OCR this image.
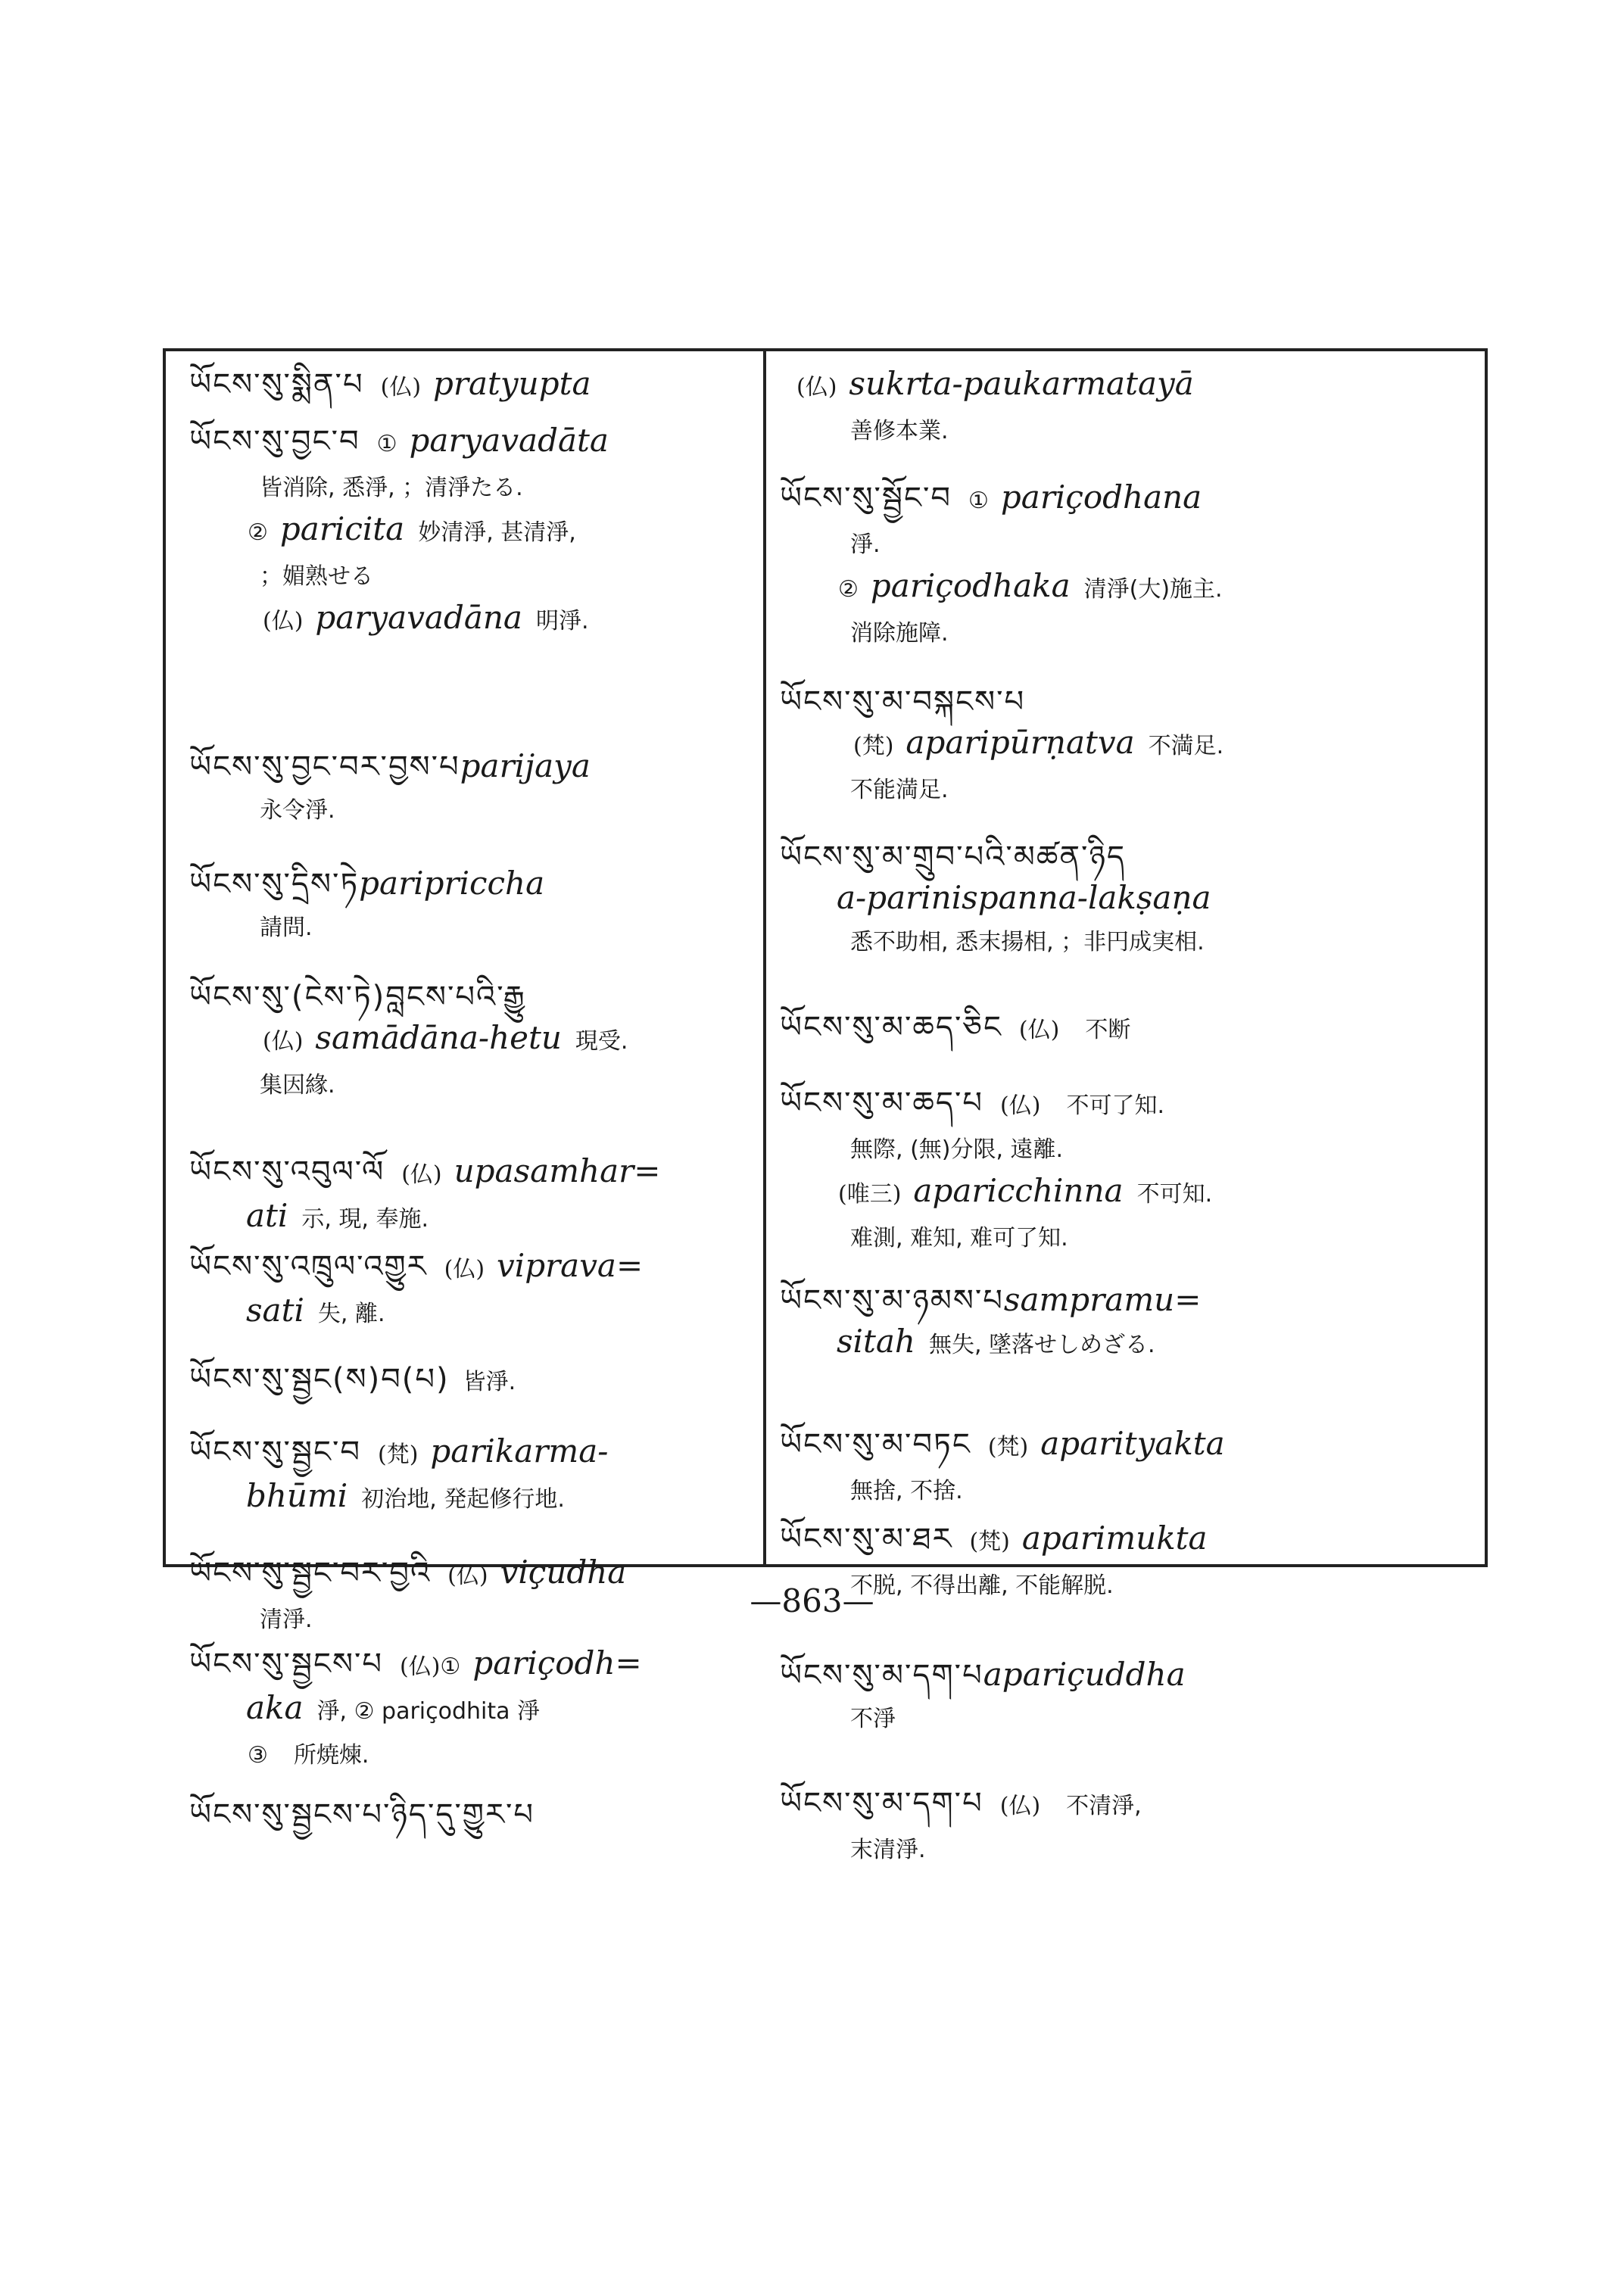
ཡོངས་སུ་སྨིན་པ (仏) pratyupta
ཡོངས་སུ་བྱང་བ ① paryavadāta
皆消除, 悉淨, ；清淨たる.
② paricita 妙清淨, 甚清淨,
；媚熟せる
(仏) paryavadāna 明淨.
ཡོངས་སུ་བྱང་བར་བྱས་པparijaya
永令淨.
ཡོངས་སུ་དྲིས་ཏེparipriccha
請問.
ཡོངས་སུ་(ངེས་ཏེ)བླངས་པའི་རྒྱུ
(仏) samādāna-hetu 現受.
集因緣.
ཡོངས་སུ་འབུལ་ལོ (仏) upasamhar=
ati 示, 現, 奉施.
ཡོངས་སུ་འཁྲུལ་འགྱུར (仏) viprava=
sati 失, 離.
ཡོངས་སུ་སྦྱང(ས)བ(པ) 皆淨.
ཡོངས་སུ་སྦྱང་བ (梵) parikarma-
bhūmi 初治地, 発起修行地.
ཡོངས་སུ་སྦྱང་བར་བྱའི (仏) viçudha
清淨.
ཡོངས་སུ་སྦྱངས་པ (仏)① pariçodh=
aka 淨, ② pariçodhita 淨
③ 所焼煉.
ཡོངས་སུ་སྦྱངས་པ་ཉིད་དུ་གྱུར་པ
(仏) sukrta-paukarmatayā
善修本業.
ཡོངས་སུ་སྦྱོང་བ ① pariçodhana
淨.
② pariçodhaka 清淨(大)施主.
消除施障.
ཡོངས་སུ་མ་བསྐངས་པ
(梵) aparipūrṇatva 不満足.
不能満足.
ཡོངས་སུ་མ་གྲུབ་པའི་མཚན་ཉིད
a-parinispanna-lakṣaṇa
悉不助相, 悉末揚相, ；非円成実相.
ཡོངས་སུ་མ་ཆད་ཅིང (仏) 不断
ཡོངས་སུ་མ་ཆད་པ (仏) 不可了知.
無際, (無)分限, 遠離.
(唯三) aparicchinna 不可知.
难測, 难知, 难可了知.
ཡོངས་སུ་མ་ཉམས་པsampramu=
sitah 無失, 墜落せしめざる.
ཡོངས་སུ་མ་བཏང (梵) aparityakta
無捨, 不捨.
ཡོངས་སུ་མ་ཐར (梵) aparimukta
不脱, 不得出離, 不能解脱.
ཡོངས་སུ་མ་དག་པapariçuddha
不淨
ཡོངས་སུ་མ་དག་པ (仏) 不清淨,
末清淨.
—863—
